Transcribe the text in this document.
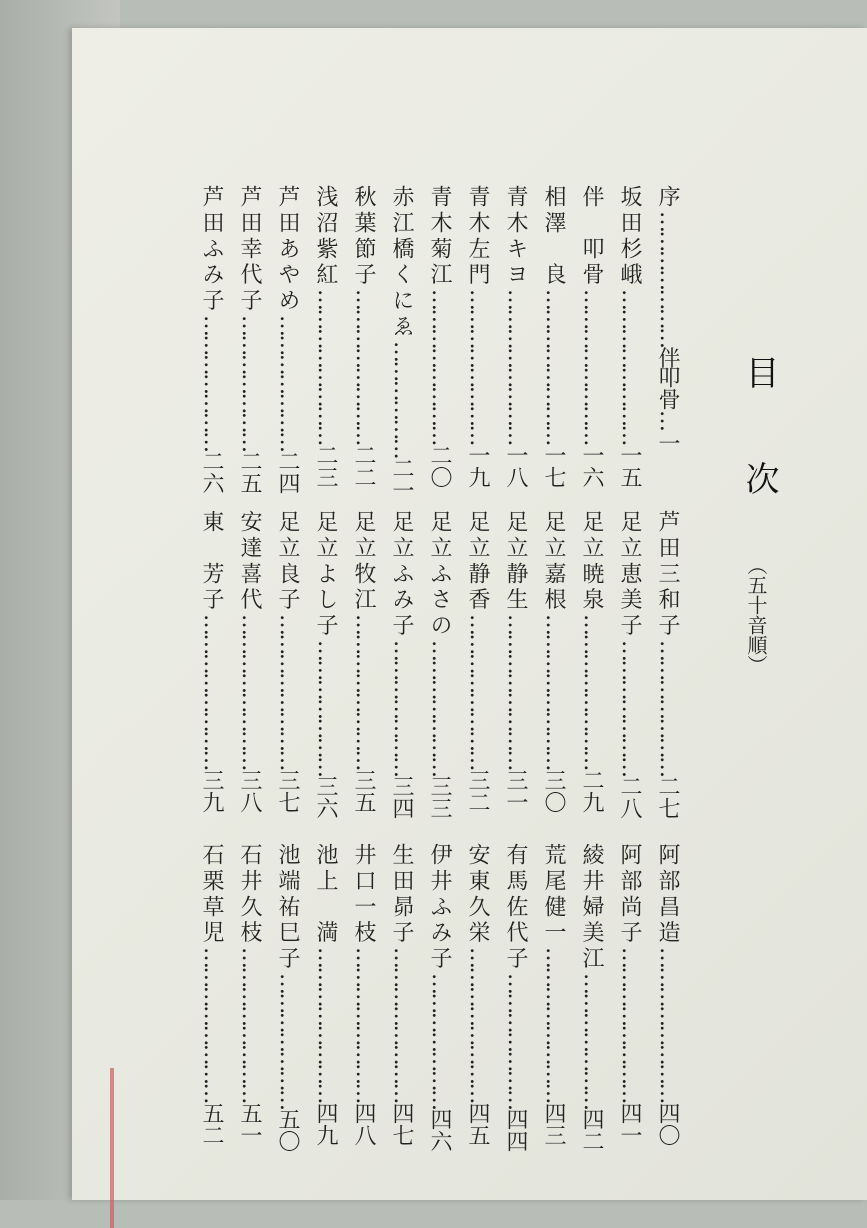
目 次
（五十音順）
序…………………伴叩骨…一
坂田杉峨……………………一五
伴　叩骨……………………一六
相澤　良……………………一七
青木キヨ……………………一八
青木左門……………………一九
青木菊江……………………二〇
赤江橋くにゑ………………二一
秋葉節子……………………二二
浅沼紫紅……………………二三
芦田あやめ…………………二四
芦田幸代子…………………二五
芦田ふみ子…………………二六
芦田三和子…………………二七
足立恵美子…………………二八
足立暁泉……………………二九
足立嘉根……………………三〇
足立静生……………………三一
足立静香……………………三二
足立ふさの…………………三三
足立ふみ子…………………三四
足立牧江……………………三五
足立よし子…………………三六
足立良子……………………三七
安達喜代……………………三八
東　芳子……………………三九
阿部昌造……………………四〇
阿部尚子……………………四一
綾井婦美江…………………四二
荒尾健一……………………四三
有馬佐代子…………………四四
安東久栄……………………四五
伊井ふみ子…………………四六
生田昴子……………………四七
井口一枝……………………四八
池上　満……………………四九
池端祐巳子…………………五〇
石井久枝……………………五一
石栗草児……………………五二
